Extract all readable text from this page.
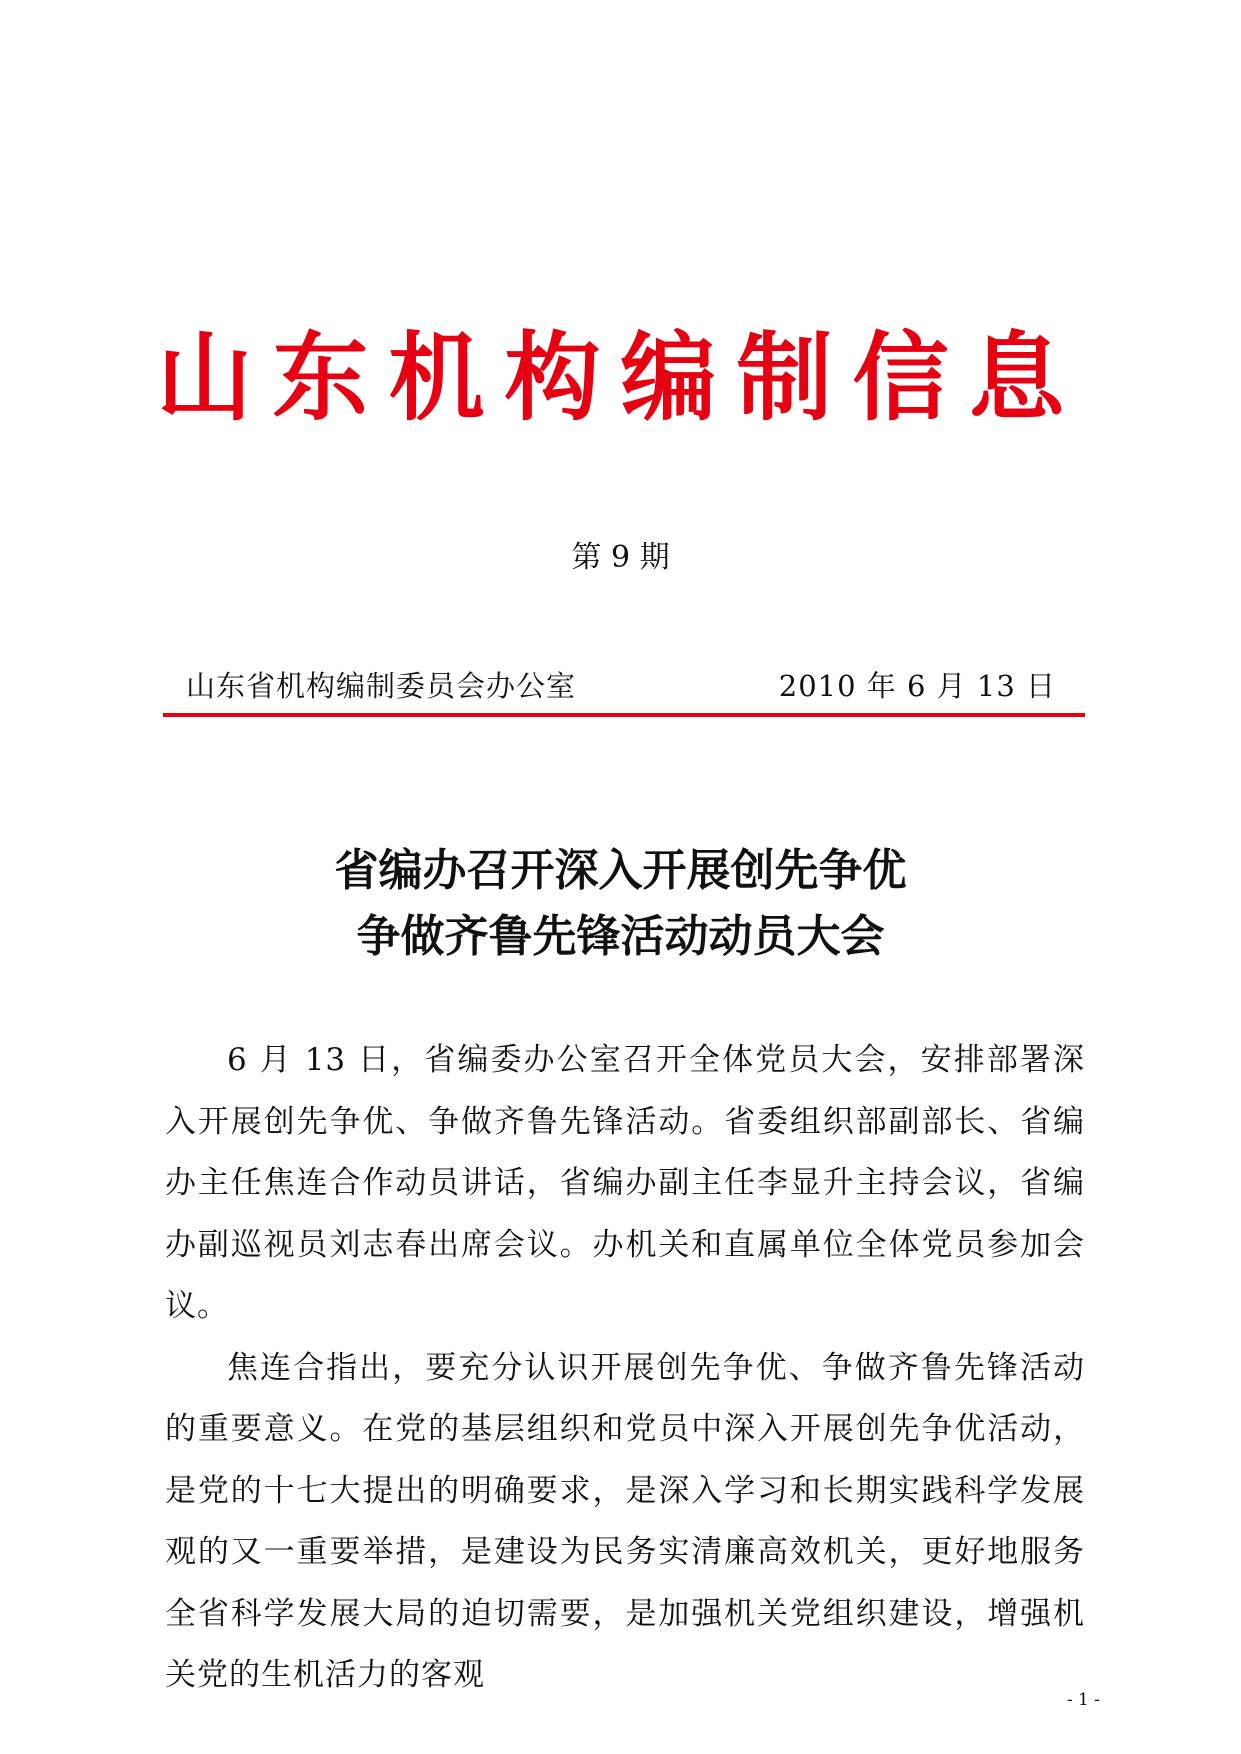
山东机构编制信息
第 9 期
山东省机构编制委员会办公室	2010 年 6 月 13 日
省编办召开深入开展创先争优
争做齐鲁先锋活动动员大会

6 月 13 日，省编委办公室召开全体党员大会，安排部署深入开展创先争优、争做齐鲁先锋活动。省委组织部副部长、省编办主任焦连合作动员讲话，省编办副主任李显升主持会议，省编办副巡视员刘志春出席会议。办机关和直属单位全体党员参加会议。

焦连合指出，要充分认识开展创先争优、争做齐鲁先锋活动的重要意义。在党的基层组织和党员中深入开展创先争优活动，是党的十七大提出的明确要求，是深入学习和长期实践科学发展观的又一重要举措，是建设为民务实清廉高效机关，更好地服务全省科学发展大局的迫切需要，是加强机关党组织建设，增强机关党的生机活力的客观

- 1 -
